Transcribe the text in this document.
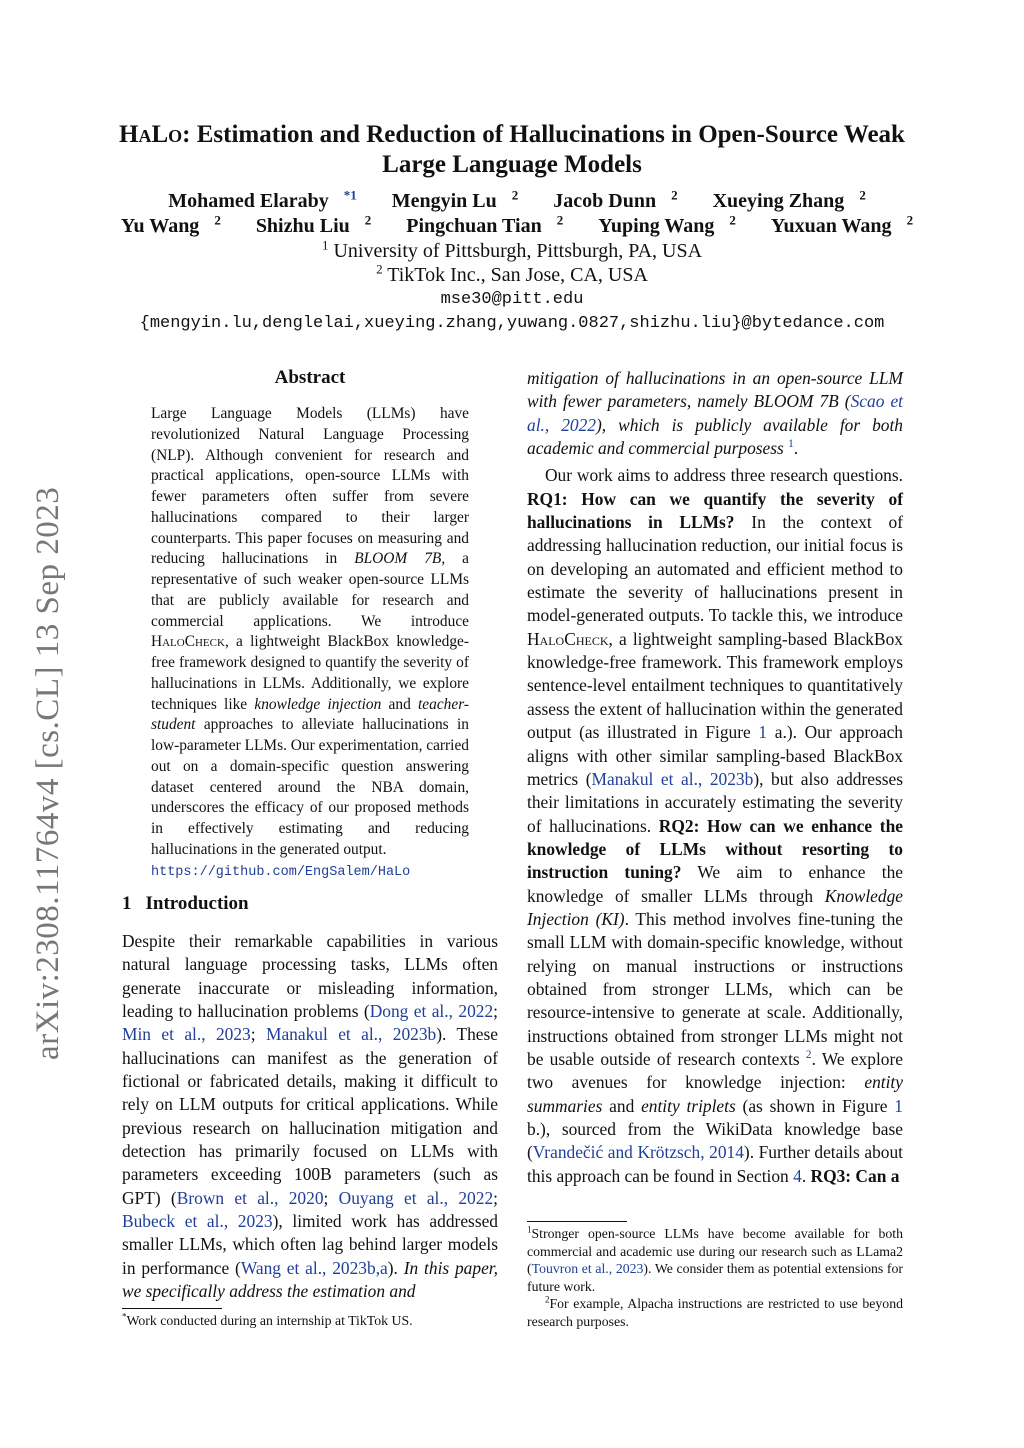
arXiv:2308.11764v4 [cs.CL] 13 Sep 2023
HaLo: Estimation and Reduction of Hallucinations in Open-Source Weak Large Language Models
Mohamed Elaraby $^{*1}$ Mengyin Lu $^2$ Jacob Dunn $^2$ Xueying Zhang $^2$
Yu Wang $^2$ Shizhu Liu $^2$ Pingchuan Tian $^2$ Yuping Wang $^2$ Yuxuan Wang $^2$
$^1$ University of Pittsburgh, Pittsburgh, PA, USA
$^2$ TikTok Inc., San Jose, CA, USA
mse30@pitt.edu
{mengyin.lu,denglelai,xueying.zhang,yuwang.0827,shizhu.liu}@bytedance.com
Abstract
Large Language Models (LLMs) have revolutionized Natural Language Processing (NLP). Although convenient for research and practical applications, open-source LLMs with fewer parameters often suffer from severe hallucinations compared to their larger counterparts. This paper focuses on measuring and reducing hallucinations in BLOOM 7B, a representative of such weaker open-source LLMs that are publicly available for research and commercial applications. We introduce HaloCheck, a lightweight BlackBox knowledge-free framework designed to quantify the severity of hallucinations in LLMs. Additionally, we explore techniques like knowledge injection and teacher-student approaches to alleviate hallucinations in low-parameter LLMs. Our experimentation, carried out on a domain-specific question answering dataset centered around the NBA domain, underscores the efficacy of our proposed methods in effectively estimating and reducing hallucinations in the generated output.
https://github.com/EngSalem/HaLo
1 Introduction
Despite their remarkable capabilities in various natural language processing tasks, LLMs often generate inaccurate or misleading information, leading to hallucination problems (Dong et al., 2022; Min et al., 2023; Manakul et al., 2023b). These hallucinations can manifest as the generation of fictional or fabricated details, making it difficult to rely on LLM outputs for critical applications. While previous research on hallucination mitigation and detection has primarily focused on LLMs with parameters exceeding 100B parameters (such as GPT) (Brown et al., 2020; Ouyang et al., 2022; Bubeck et al., 2023), limited work has addressed smaller LLMs, which often lag behind larger models in performance (Wang et al., 2023b,a). In this paper, we specifically address the estimation and
*Work conducted during an internship at TikTok US.

mitigation of hallucinations in an open-source LLM with fewer parameters, namely BLOOM 7B (Scao et al., 2022), which is publicly available for both academic and commercial purposess $^1$.

Our work aims to address three research questions. RQ1: How can we quantify the severity of hallucinations in LLMs? In the context of addressing hallucination reduction, our initial focus is on developing an automated and efficient method to estimate the severity of hallucinations present in model-generated outputs. To tackle this, we introduce HaloCheck, a lightweight sampling-based BlackBox knowledge-free framework. This framework employs sentence-level entailment techniques to quantitatively assess the extent of hallucination within the generated output (as illustrated in Figure 1 a.). Our approach aligns with other similar sampling-based BlackBox metrics (Manakul et al., 2023b), but also addresses their limitations in accurately estimating the severity of hallucinations. RQ2: How can we enhance the knowledge of LLMs without resorting to instruction tuning? We aim to enhance the knowledge of smaller LLMs through Knowledge Injection (KI). This method involves fine-tuning the small LLM with domain-specific knowledge, without relying on manual instructions or instructions obtained from stronger LLMs, which can be resource-intensive to generate at scale. Additionally, instructions obtained from stronger LLMs might not be usable outside of research contexts $^2$. We explore two avenues for knowledge injection: entity summaries and entity triplets (as shown in Figure 1 b.), sourced from the WikiData knowledge base (Vrandečić and Krötzsch, 2014). Further details about this approach can be found in Section 4. RQ3: Can a

$^1$Stronger open-source LLMs have become available for both commercial and academic use during our research such as LLama2 (Touvron et al., 2023). We consider them as potential extensions for future work.
$^2$For example, Alpacha instructions are restricted to use beyond research purposes.
